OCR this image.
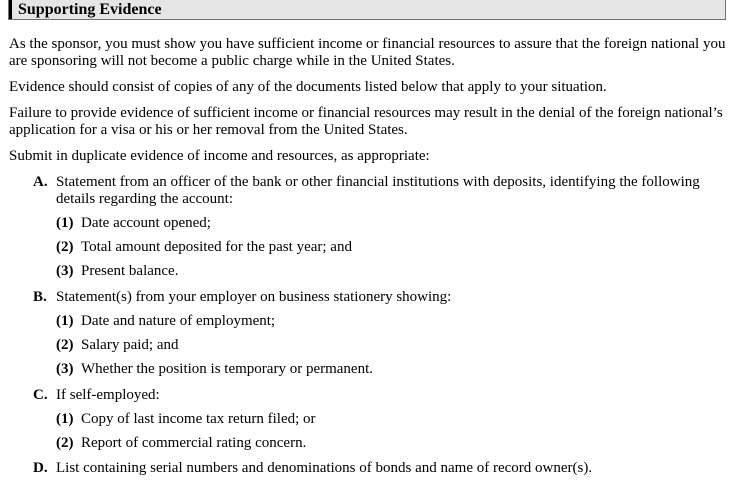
Supporting Evidence
As the sponsor, you must show you have sufficient income or financial resources to assure that the foreign national you are sponsoring will not become a public charge while in the United States.
Evidence should consist of copies of any of the documents listed below that apply to your situation.
Failure to provide evidence of sufficient income or financial resources may result in the denial of the foreign national’s application for a visa or his or her removal from the United States.
Submit in duplicate evidence of income and resources, as appropriate:
A. Statement from an officer of the bank or other financial institutions with deposits, identifying the following details regarding the account:
(1) Date account opened;
(2) Total amount deposited for the past year; and
(3) Present balance.
B. Statement(s) from your employer on business stationery showing:
(1) Date and nature of employment;
(2) Salary paid; and
(3) Whether the position is temporary or permanent.
C. If self-employed:
(1) Copy of last income tax return filed; or
(2) Report of commercial rating concern.
D. List containing serial numbers and denominations of bonds and name of record owner(s).
